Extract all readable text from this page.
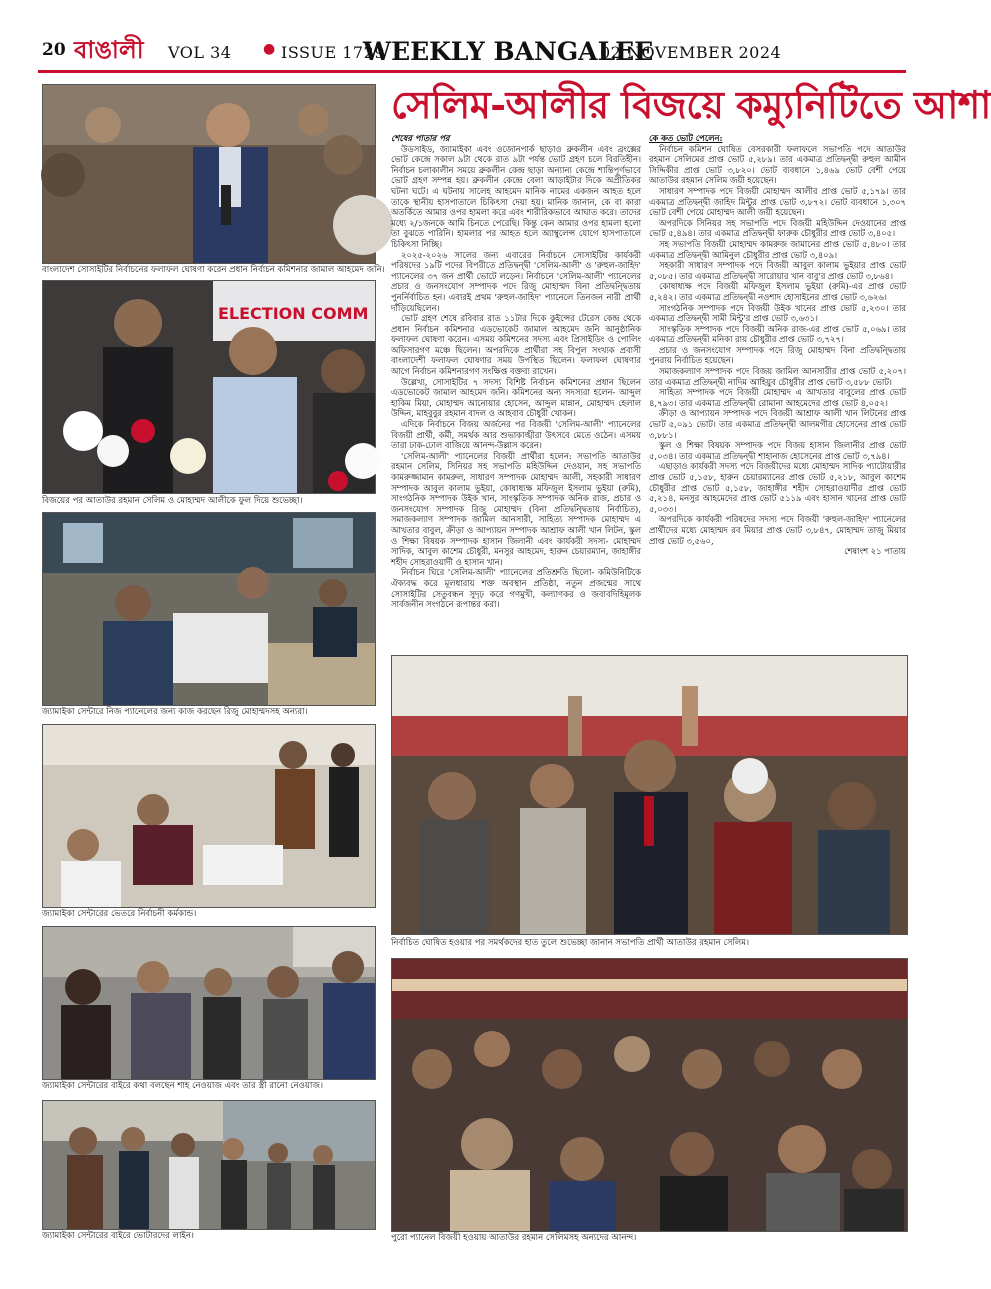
20 বাঙালী VOL 34 ● ISSUE 1729
WEEKLY BANGALEE
02 NOVEMBER 2024
বাংলাদেশ সোসাইটির নির্বাচনের ফলাফল ঘোষণা করেন প্রধান নির্বাচন কমিশনার জামাল আহমেদ জনি।
ELECTION COMM
বিজয়ের পর আতাউর রহমান সেলিম ও মোহাম্মদ আলীকে ফুল দিয়ে শুভেচ্ছা।
জ্যামাইকা সেন্টারে নিজ প্যানেলের জন্য কাজ করছেন রিজু মোহাম্মদসহ অন্যরা।
জ্যামাইকা সেন্টারের ভেতরে নির্বাচনী কর্মকান্ড।
জ্যামাইকা সেন্টারের বাইরে কথা বলছেন শাহ নেওয়াজ এবং তার স্ত্রী রানো নেওয়াজ।
জ্যামাইকা সেন্টারের বাইরে ভোটারদের লাইন।
সেলিম-আলীর বিজয়ে কম্যুনিটিতে আশা

শেষের পাতার পর

উডসাইড, জ্যামাইকা এবং ওজোনপার্ক ছাড়াও ব্রুকলীন এবং ব্রংক্সের ভোট কেন্দ্রে সকাল ৯টা থেকে রাত ৯টা পর্যন্ত ভোট গ্রহণ চলে বিরতিহীন। নির্বাচন চলাকালীন সময়ে ব্রুকলীন কেন্দ্র ছাড়া অন্যান্য কেন্দ্রে শান্তিপূর্ণভাবে ভোট গ্রহণ সম্পন্ন হয়। ব্রুকলীন কেন্দ্রে বেলা আড়াইটার দিকে অপ্রীতিকর ঘটনা ঘটে। এ ঘটনায় সালেহ আহমেদ মানিক নামের একজন আহত হলে তাকে স্থানীয় হাসপাতালে চিকিৎসা দেয়া হয়। মানিক জানান, কে বা কারা অতর্কিতে আমার ওপর হামলা করে এবং শারীরিকভাবে আঘাত করে। তাদের মধ্যে ২/১জনকে আমি চিনতে পেরেছি। কিন্তু কেন আমার ওপর হামলা হলো তা বুঝতে পারিনি। হামলার পর আহত হলে অ্যাম্বুলেন্স যোগে হাসপাতালে চিকিৎসা নিচ্ছি।

২০২৫-২০২৬ সালের জন্য এবারের নির্বাচনে সোসাইটির কার্যকরী পরিষদের ১৯টি পদের বিপরীতে প্রতিদ্বন্দ্বী 'সেলিম-আলী' ও 'রুহুল-জাহিদ' প্যানেলের ৩৭ জন প্রার্থী ভোটে লড়েন। নির্বাচনে 'সেলিম-আলী' প্যানেলের প্রচার ও জনসংযোগ সম্পাদক পদে রিজু মোহাম্মদ বিনা প্রতিদ্বন্দ্বিতায় পুনর্নির্বাচিত হন। এবারই প্রথম 'রুহুল-জাহিদ' প্যানেলে তিনজন নারী প্রার্থী দাঁড়িয়েছিলেন।

ভোট গ্রহণ শেষে রবিবার রাত ১১টার দিকে কুইন্সের টেরেস কেন্দ্র থেকে প্রধান নির্বাচন কমিশনার এডভোকেট জামাল আহমেদ জনি আনুষ্ঠানিক ফলাফল ঘোষণা করেন। এসময় কমিশনের সদস্য এবং প্রিসাইডিং ও পোলিং অফিসারগণ মঞ্চে ছিলেন। অপরদিকে প্রার্থীরা সহ বিপুল সংখ্যক প্রবাসী বাংলাদেশী ফলাফল ঘোষণার সময় উপস্থিত ছিলেন। ফলাফল ঘোষণার আগে নির্বাচন কমিশনারগণ সংক্ষিপ্ত বক্তব্য রাখেন।

উল্লেখ্য, সোসাইটির ৭ সদস্য বিশিষ্ট নির্বাচন কমিশনের প্রধান ছিলেন এডভোকেট জামাল আহমেদ জনি। কমিশনের অন্য সদস্যরা হলেন- আব্দুল হাকিম মিয়া, মোহাম্মদ আনোয়ার হোসেন, আব্দুল মান্নান, মোহাম্মদ হেলাল উদ্দিন, মাহবুবুর রহমান বাদল ও আহবাব চৌধুরী খোকন।

এদিকে নির্বাচনে বিজয় অর্জনের পর বিজয়ী 'সেলিম-আলী' প্যানেলের বিজয়ী প্রার্থী, কর্মী, সমর্থক আর শুভাকাঙ্খীরা উৎসবে মেতে ওঠেন। এসময় তারা ঢাক-ঢোল বাজিয়ে আনন্দ-উল্লাস করেন।

'সেলিম-আলী' প্যানেলের বিজয়ী প্রার্থীরা হলেন: সভাপতি আতাউর রহমান সেলিম, সিনিয়র সহ সভাপতি মহিউদ্দিন দেওয়ান, সহ সভাপতি কামরুজ্জামান কামরুল, সাধারণ সম্পাদক মোহাম্মদ আলী, সহকারী সাধারণ সম্পাদক আবুল কালাম ভুইয়া, কোষাধ্যক্ষ মফিজুল ইসলাম ভুইয়া (রুমি), সাংগঠনিক সম্পাদক উইক খান, সাংস্কৃতিক সম্পাদক অনিক রাজ, প্রচার ও জনসংযোগ সম্পাদক রিজু মোহাম্মদ (বিনা প্রতিদ্বন্দ্বিতায় নির্বাচিত), সমাজকল্যাণ সম্পাদক জামিল আনসারী, সাহিত্য সম্পাদক মোহাম্মদ এ আখতার বাবুল, ক্রীড়া ও আপ্যায়ন সম্পাদক আশ্রাফ আলী খান লিটন, স্কুল ও শিক্ষা বিষয়ক সম্পাদক হাসান জিলানী এবং কার্যকরী সদস্য- মোহাম্মদ সাদিক, আবুল কাশেম চৌধুরী, মনসুর আহমেদ, হারুন চেয়ারম্যান, জাহাঙ্গীর শহীদ সোহরাওয়ার্দী ও হাসান খান।

নির্বাচন ঘিরে 'সেলিম-আলী' প্যানেলের প্রতিশ্রুতি ছিলো- কমিউনিটিকে ঐক্যবদ্ধ করে মূলধারায় শক্ত অবস্থান প্রতিষ্ঠা, নতুন প্রজন্মের সাথে সোসাইটির সেতুবন্ধন সুদৃঢ় করে গণমুখী, কল্যাণকর ও জবাবদিহিমূলক সার্বজনীন সংগঠনে রূপান্তর করা।

কে কত ভোট পেলেন:

নির্বাচন কমিশন ঘোষিত বেসরকারী ফলাফলে সভাপতি পদে আতাউর রহমান সেলিমের প্রাপ্ত ভোট ৫,২৮৯। তার একমাত্র প্রতিদ্বন্দ্বী রুহুল আমীন সিদ্দিকীর প্রাপ্ত ভোট ৩,৮২০। ভোট ব্যবধানে ১,৪৬৯ ভোট বেশী পেয়ে আতাউর রহমান সেলিম জয়ী হয়েছেন।

সাধারণ সম্পাদক পদে বিজয়ী মোহাম্মদ আলীর প্রাপ্ত ভোট ৫,১৭৯। তার একমাত্র প্রতিদ্বন্দ্বী জাহিদ মিন্টুর প্রাপ্ত ভোট ৩,৮৭২। ভোট ব্যবধানে ১,৩০৭ ভোট বেশী পেয়ে মোহাম্মদ আলী জয়ী হয়েছেন।

অপরদিকে সিনিয়র সহ সভাপতি পদে বিজয়ী মহিউদ্দিন দেওয়ানের প্রাপ্ত ভোট ৫,৪৯৪। তার একমাত্র প্রতিদ্বন্দ্বী ফারুক চৌধুরীর প্রাপ্ত ভোট ৩,৪০৫।

সহ সভাপতি বিজয়ী মোহাম্মদ কামরুজ জামানের প্রাপ্ত ভোট ৫,৪৮০। তার একমাত্র প্রতিদ্বন্দ্বী আমিনুল চৌধুরীর প্রাপ্ত ভোট ৩,৪০৯।

সহকারী সাধারণ সম্পাদক পদে বিজয়ী আবুল কালাম ভুইয়ার প্রাপ্ত ভোট ৫,০৮৫। তার একমাত্র প্রতিদ্বন্দ্বী সারোয়ার খান বাবু'র প্রাপ্ত ভোট ৩,৮৬৪।

কোষাধ্যক্ষ পদে বিজয়ী মফিজুল ইসলাম ভুইয়া (রুমি)-এর প্রাপ্ত ভোট ৫,২৪২। তার একমাত্র প্রতিদ্বন্দ্বী নওশাদ হোসাইনের প্রাপ্ত ভোট ৩,৬২৬।

সাংগঠনিক সম্পাদক পদে বিজয়ী উইক খানের প্রাপ্ত ভোট ৫,২৩০। তার একমাত্র প্রতিদ্বন্দ্বী সামী মিন্টু'র প্রাপ্ত ভোট ৩,৬৩১।

সাংস্কৃতিক সম্পাদক পদে বিজয়ী অনিক রাজ-এর প্রাপ্ত ভোট ৫,০৬৯। তার একমাত্র প্রতিদ্বন্দ্বী মনিকা রায় চৌধুরীর প্রাপ্ত ভোট ৩,৭২৭।

প্রচার ও জনসংযোগ সম্পাদক পদে রিজু মোহাম্মদ বিনা প্রতিদ্বন্দ্বিতায় পুনরায় নির্বাচিত হয়েছেন।

সমাজকল্যাণ সম্পাদক পদে বিজয় জামিল আনসারীর প্রাপ্ত ভোট ৫,২০৭। তার একমাত্র প্রতিদ্বন্দ্বী নাদিম আহিয়ুব চৌধুরীর প্রাপ্ত ভোট ৩,৫৮৮ ভোট।

সাহিত্য সম্পাদক পদে বিজয়ী মোহাম্মদ এ আখতার বাবুলের প্রাপ্ত ভোট ৪,৭৯৩। তার একমাত্র প্রতিদ্বন্দ্বী রোমানা আহমেদের প্রাপ্ত ভোট ৪,০৫২।

ক্রীড়া ও আপ্যায়ন সম্পাদক পদে বিজয়ী আশ্রাফ আলী খান লিটনের প্রাপ্ত ভোট ৫,০৯১ ভোট। তার একমাত্র প্রতিদ্বন্দ্বী আলমগীর হোসেনের প্রাপ্ত ভোট ৩,৮৮১।

স্কুল ও শিক্ষা বিষয়ক সম্পাদক পদে বিজয় হাসান জিলানীর প্রাপ্ত ভোট ৫,০৩৪। তার একমাত্র প্রতিদ্বন্দ্বী শাহানাজ হোসেনের প্রাপ্ত ভোট ৩,৭৯৪।

এছাড়াও কার্যকরী সদস্য পদে বিজয়ীদের মধ্যে মোহাম্মদ সাদিক প্যাটোয়ারীর প্রাপ্ত ভোট ৫,১৫৮, হারুন চেয়ারম্যানের প্রাপ্ত ভোট ৫,২১৮, আবুল কাশেম চৌধুরীর প্রাপ্ত ভোট ৫,১৫৮, জাহাঙ্গীর শহীদ সোহরাওয়ার্দীর প্রাপ্ত ভোট ৫,২১৪, মনসুর আহমেদের প্রাপ্ত ভোট ৫১১৯ এবং হাসান খানের প্রাপ্ত ভোট ৫,০৩৩।

অপরদিকে কার্যকরী পরিষদের সদস্য পদে বিজয়ী 'রুহুল-জাহিদ' প্যানেলের প্রার্থীদের মধ্যে মোহাম্মদ রব মিয়ার প্রাপ্ত ভোট ৩,৮৪৭, মোহাম্মদ তাজু মিয়ার প্রাপ্ত ভোট ৩,৫৬০,

শেষাংশ ২১ পাতায়

নির্বাচিত ঘোষিত হওয়ার পর সমর্থকদের হাত তুলে শুভেচ্ছা জানান সভাপতি প্রার্থী আতাউর রহমান সেলিম।
পুরো প্যানেল বিজয়ী হওয়ায় আতাউর রহমান সেলিমসহ অন্যদের আনন্দ।
